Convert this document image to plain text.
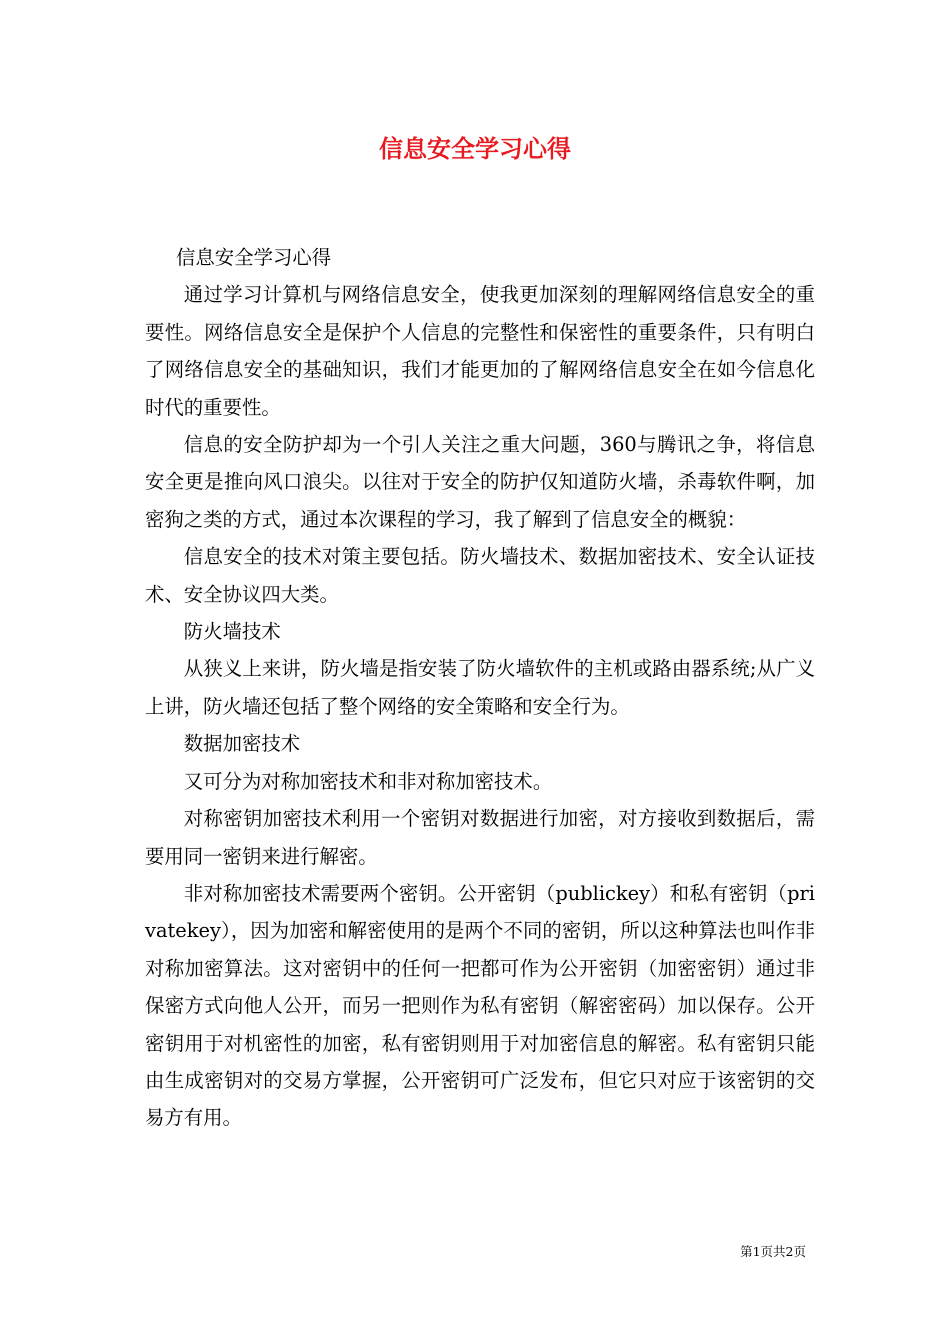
信息安全学习心得

信息安全学习心得

通过学习计算机与网络信息安全，使我更加深刻的理解网络信息安全的重要性。网络信息安全是保护个人信息的完整性和保密性的重要条件，只有明白了网络信息安全的基础知识，我们才能更加的了解网络信息安全在如今信息化时代的重要性。

信息的安全防护却为一个引人关注之重大问题，360与腾讯之争，将信息安全更是推向风口浪尖。以往对于安全的防护仅知道防火墙，杀毒软件啊，加密狗之类的方式，通过本次课程的学习，我了解到了信息安全的概貌：

信息安全的技术对策主要包括。防火墙技术、数据加密技术、安全认证技术、安全协议四大类。

防火墙技术

从狭义上来讲，防火墙是指安装了防火墙软件的主机或路由器系统;从广义上讲，防火墙还包括了整个网络的安全策略和安全行为。

数据加密技术

又可分为对称加密技术和非对称加密技术。

对称密钥加密技术利用一个密钥对数据进行加密，对方接收到数据后，需要用同一密钥来进行解密。

非对称加密技术需要两个密钥。公开密钥（publickey）和私有密钥（privatekey），因为加密和解密使用的是两个不同的密钥，所以这种算法也叫作非对称加密算法。这对密钥中的任何一把都可作为公开密钥（加密密钥）通过非保密方式向他人公开，而另一把则作为私有密钥（解密密码）加以保存。公开密钥用于对机密性的加密，私有密钥则用于对加密信息的解密。私有密钥只能由生成密钥对的交易方掌握，公开密钥可广泛发布，但它只对应于该密钥的交易方有用。

第1页共2页
